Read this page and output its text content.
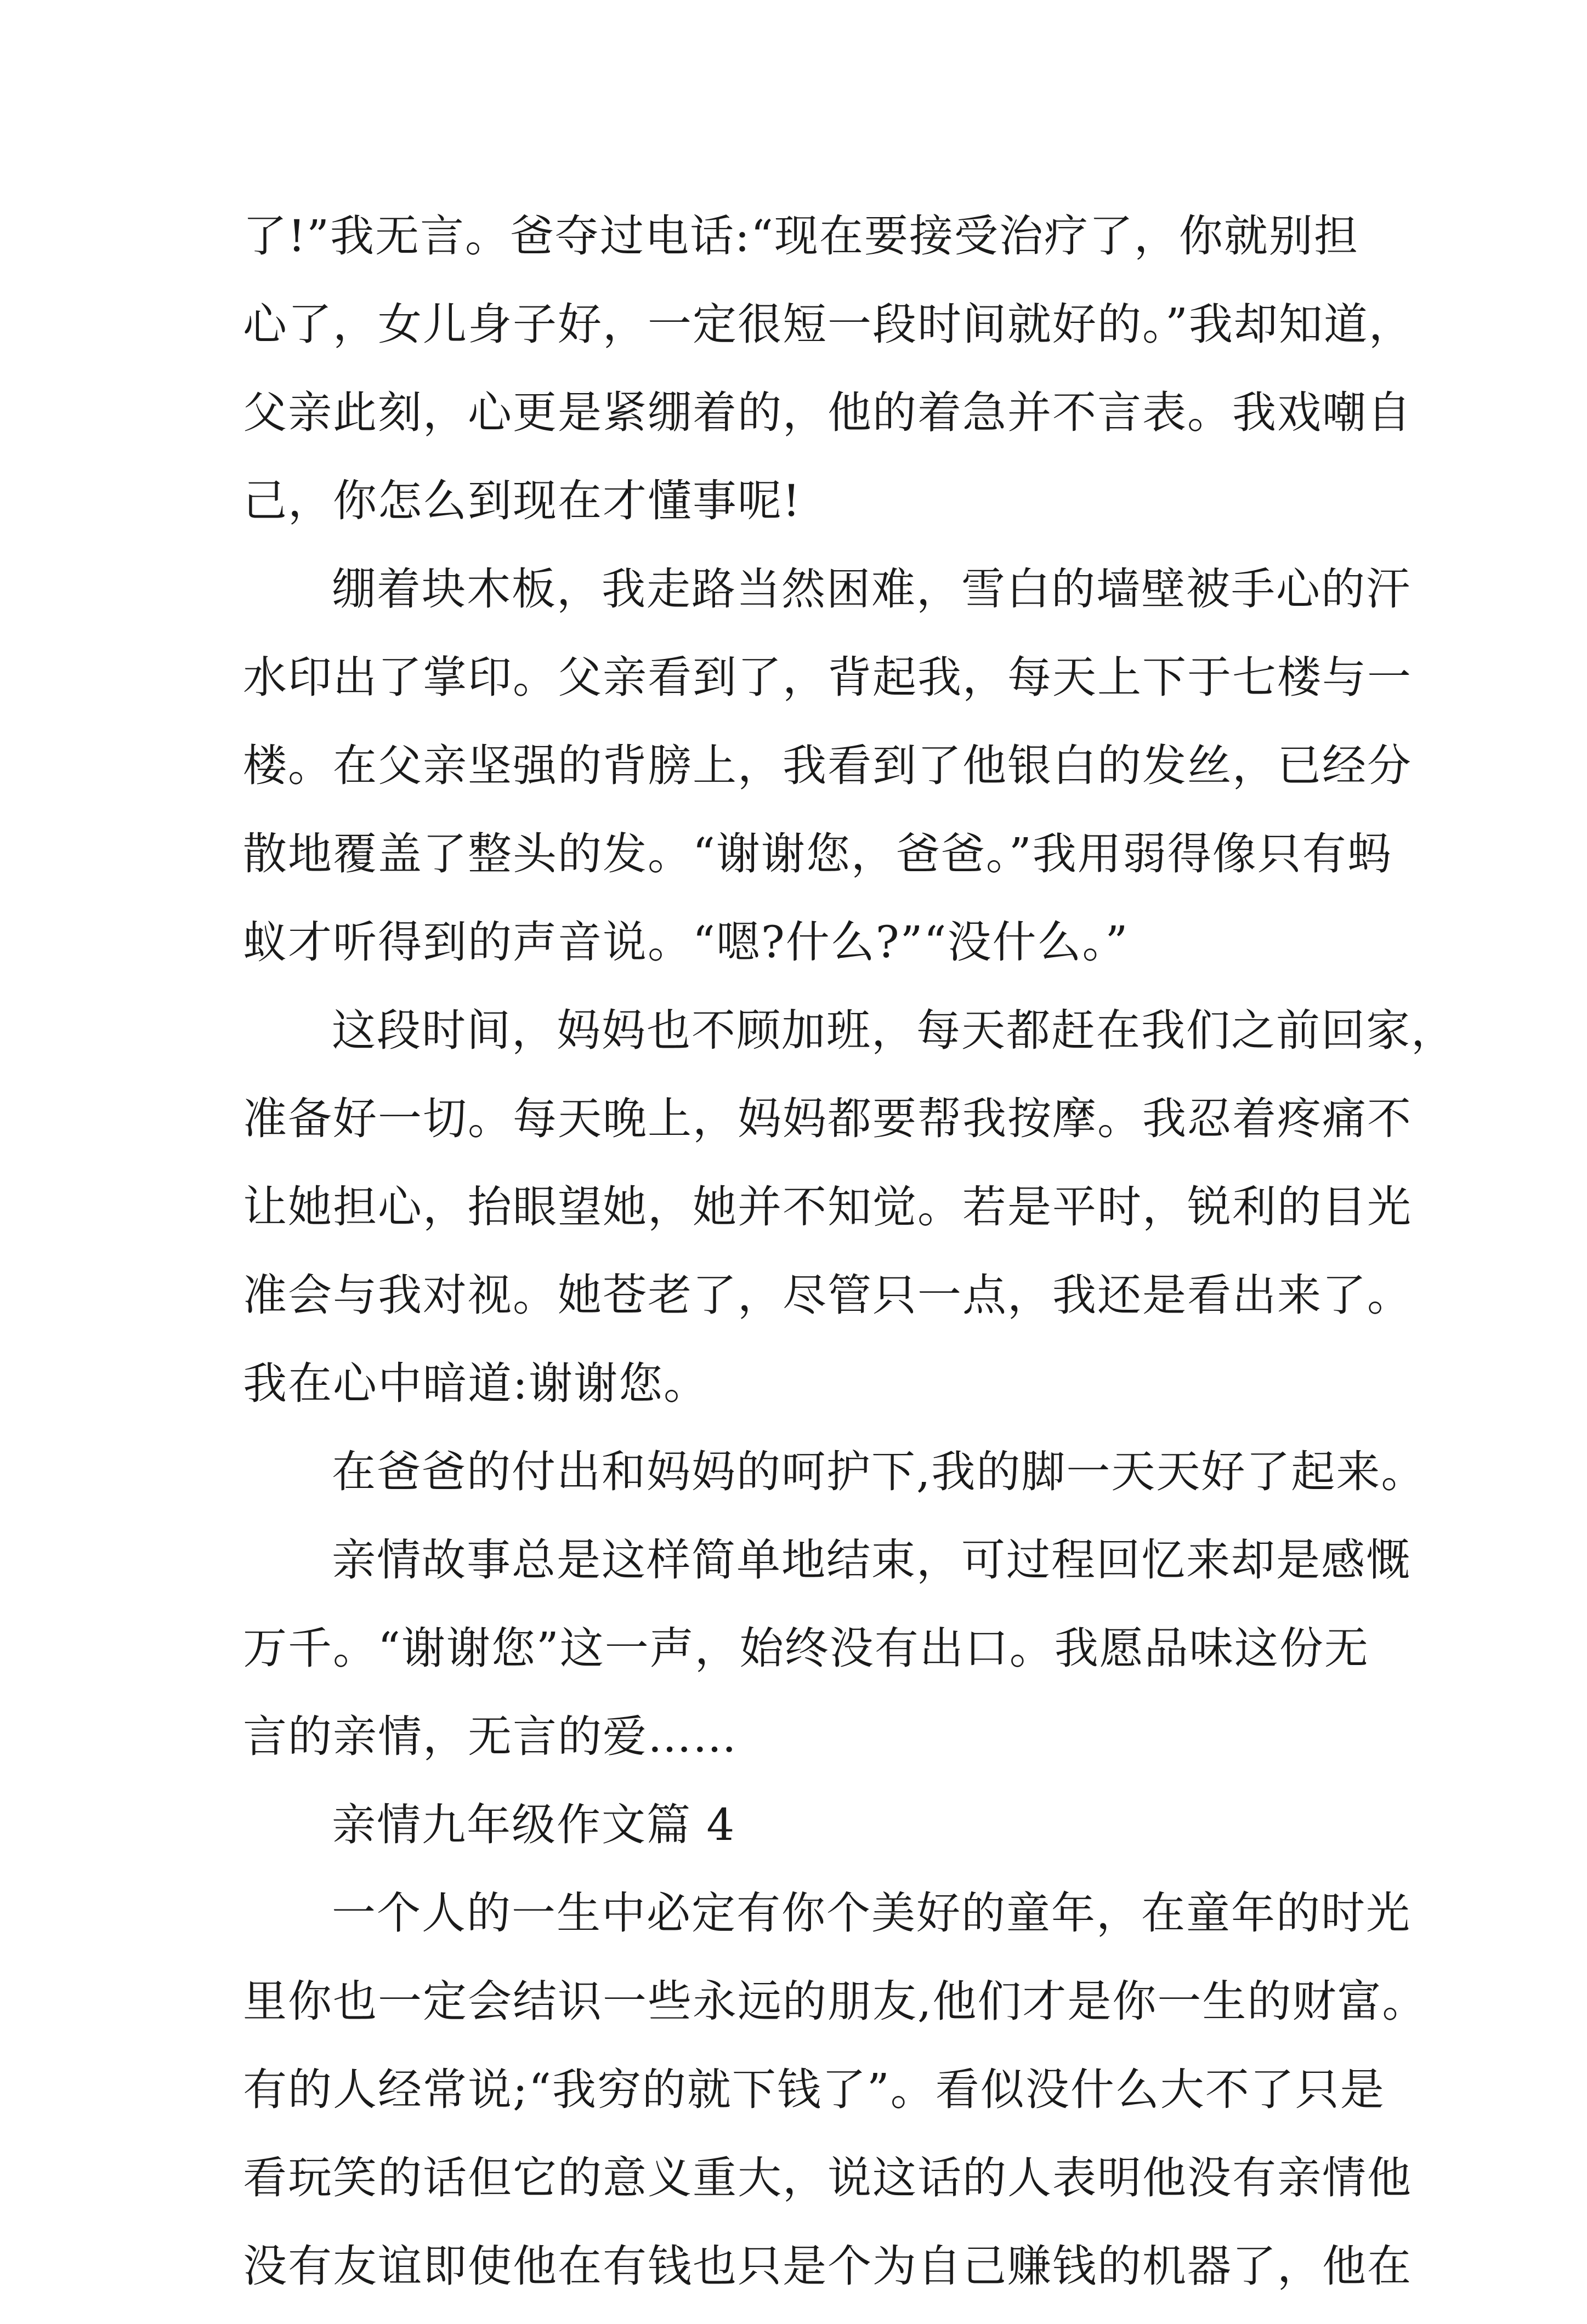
了!”我无言。爸夺过电话:“现在要接受治疗了，你就别担
心了，女儿身子好，一定很短一段时间就好的。”我却知道，
父亲此刻，心更是紧绷着的，他的着急并不言表。我戏嘲自
己，你怎么到现在才懂事呢!
绷着块木板，我走路当然困难，雪白的墙壁被手心的汗
水印出了掌印。父亲看到了，背起我，每天上下于七楼与一
楼。在父亲坚强的背膀上，我看到了他银白的发丝，已经分
散地覆盖了整头的发。“谢谢您，爸爸。”我用弱得像只有蚂
蚁才听得到的声音说。“嗯?什么?”“没什么。”
这段时间，妈妈也不顾加班，每天都赶在我们之前回家，
准备好一切。每天晚上，妈妈都要帮我按摩。我忍着疼痛不
让她担心，抬眼望她，她并不知觉。若是平时，锐利的目光
准会与我对视。她苍老了，尽管只一点，我还是看出来了。
我在心中暗道:谢谢您。
在爸爸的付出和妈妈的呵护下,我的脚一天天好了起来。
亲情故事总是这样简单地结束，可过程回忆来却是感慨
万千。“谢谢您”这一声，始终没有出口。我愿品味这份无
言的亲情，无言的爱……
亲情九年级作文篇 4
一个人的一生中必定有你个美好的童年，在童年的时光
里你也一定会结识一些永远的朋友,他们才是你一生的财富。
有的人经常说;“我穷的就下钱了”。看似没什么大不了只是
看玩笑的话但它的意义重大，说这话的人表明他没有亲情他
没有友谊即使他在有钱也只是个为自己赚钱的机器了，他在
